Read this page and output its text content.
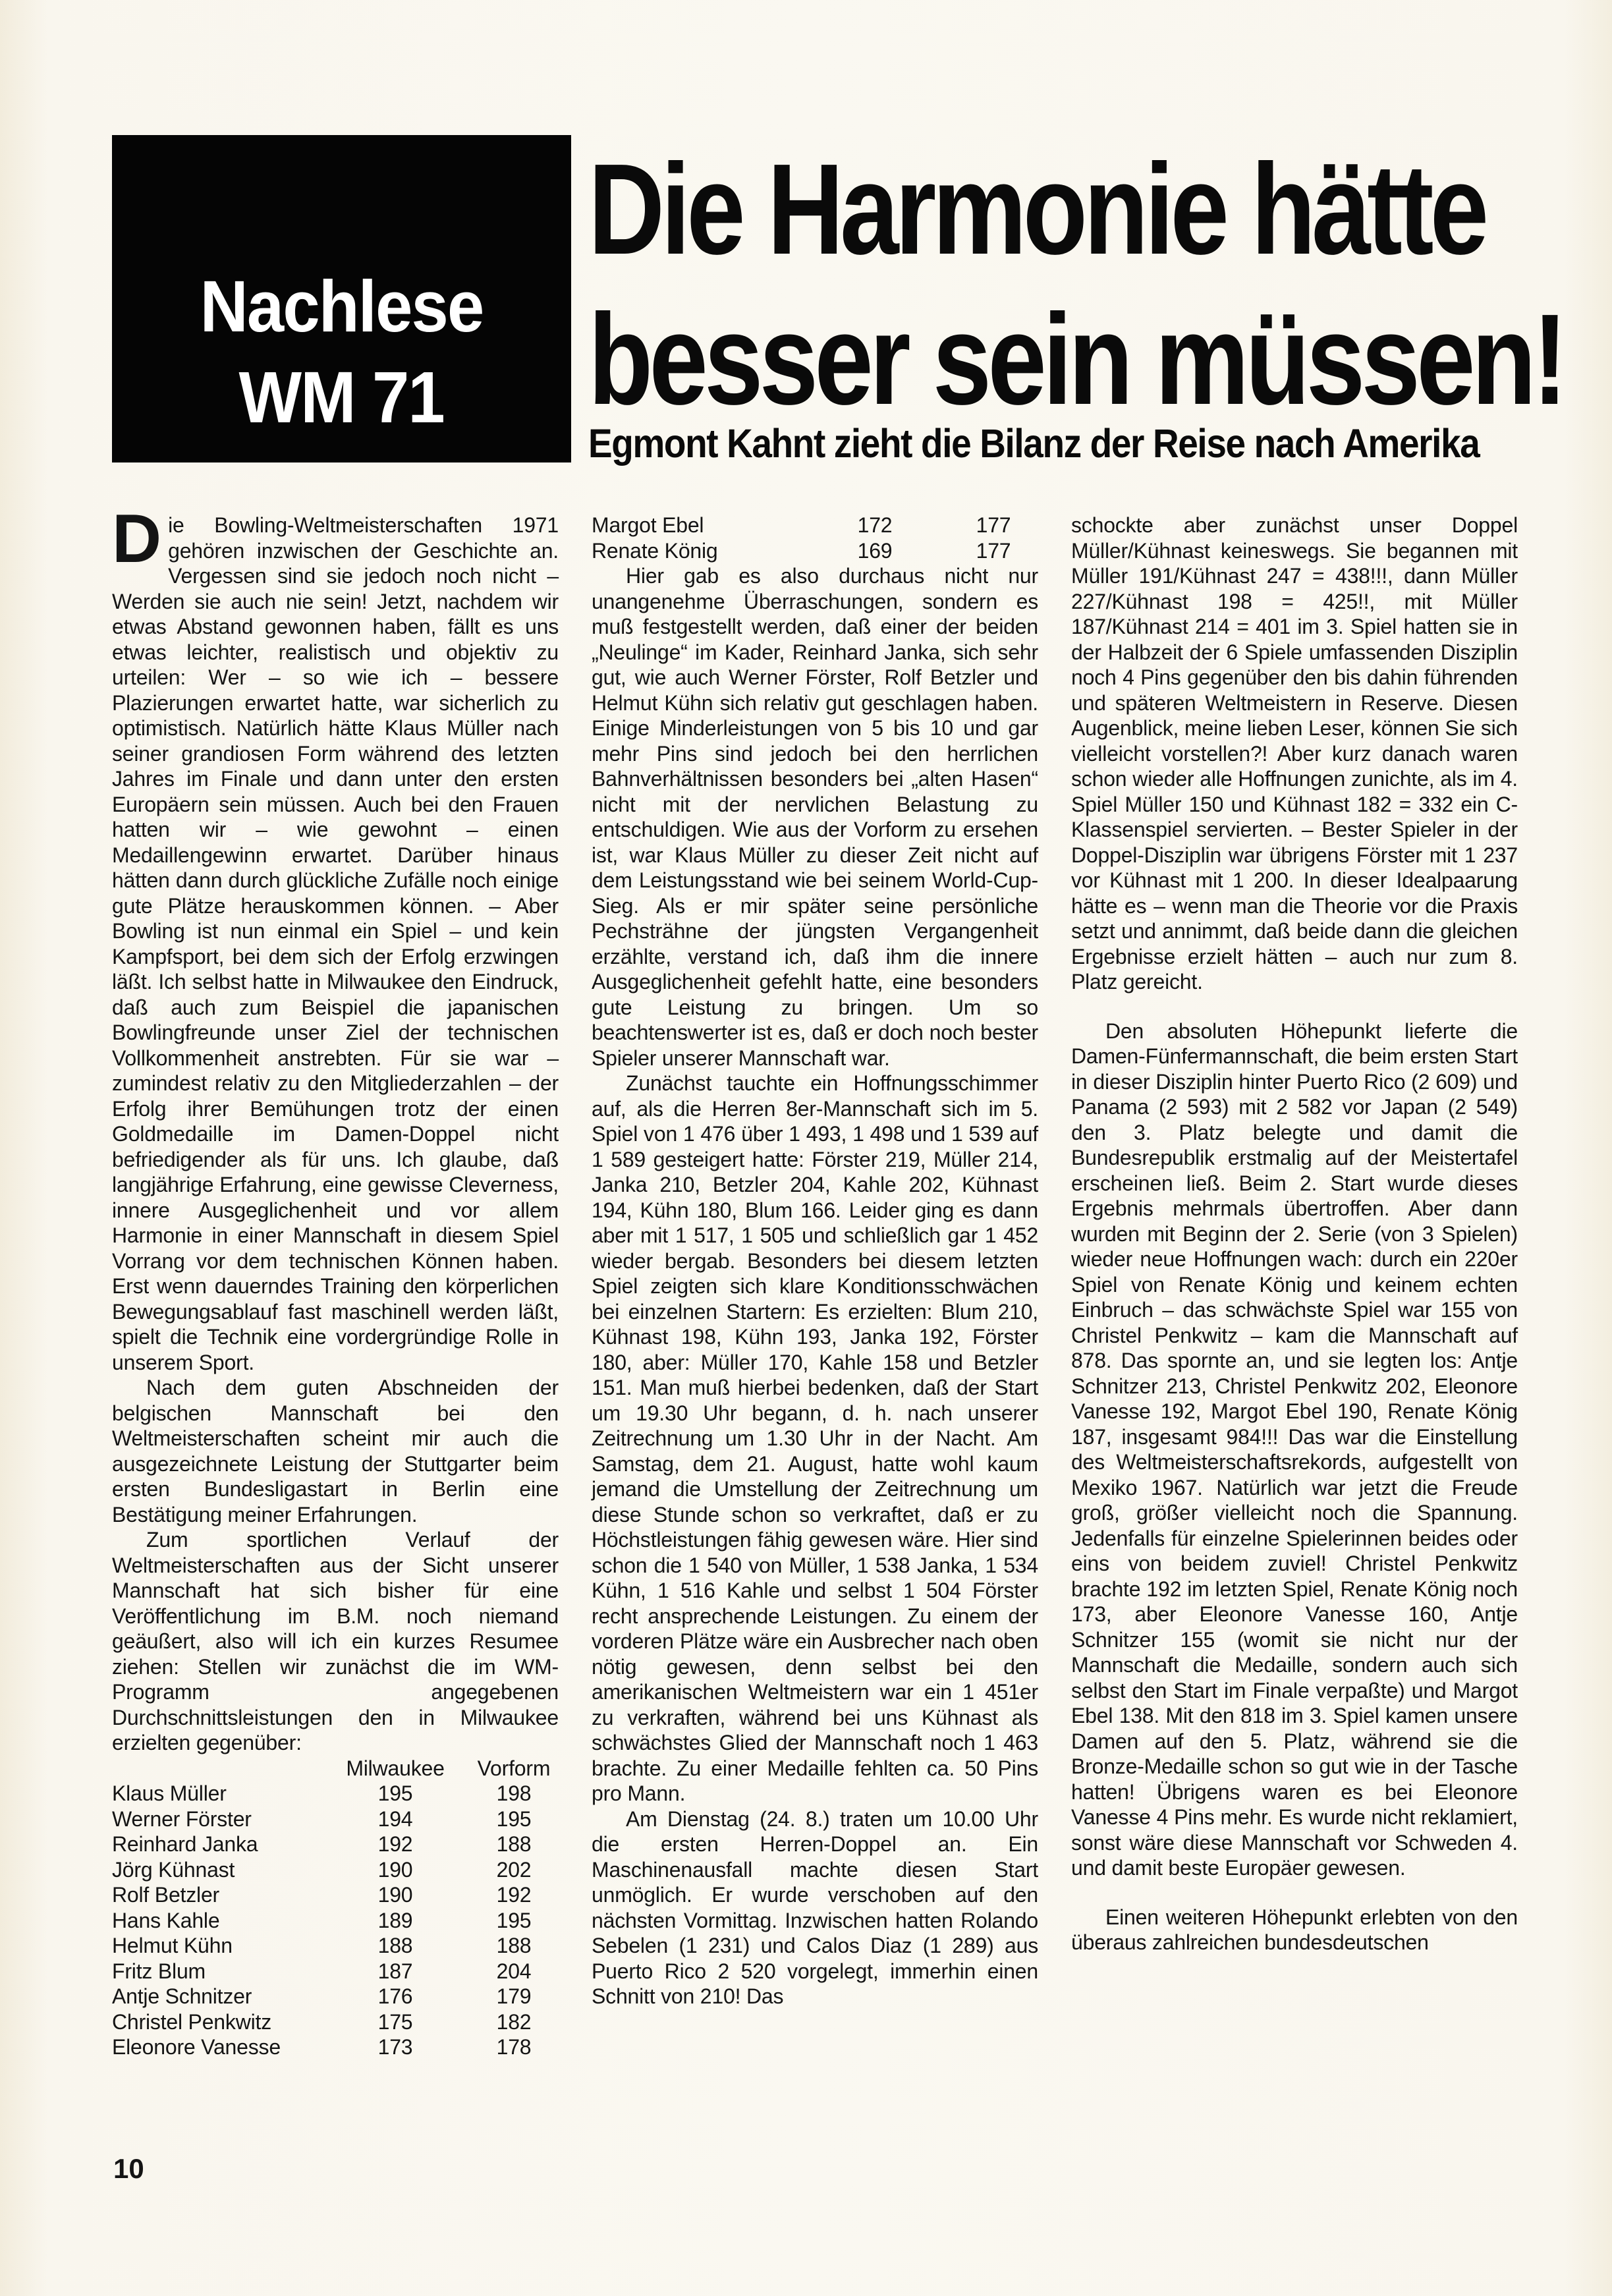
Nachlese
WM 71
Die Harmonie hätte
besser sein müssen!
Egmont Kahnt zieht die Bilanz der Reise nach Amerika

Die Bowling-Weltmeisterschaften 1971 gehören inzwischen der Geschichte an. Vergessen sind sie jedoch noch nicht – Werden sie auch nie sein! Jetzt, nachdem wir etwas Abstand gewonnen haben, fällt es uns etwas leichter, realistisch und objektiv zu urteilen: Wer – so wie ich – bessere Plazierungen erwartet hatte, war sicherlich zu optimistisch. Natürlich hätte Klaus Müller nach seiner grandiosen Form während des letzten Jahres im Finale und dann unter den ersten Europäern sein müssen. Auch bei den Frauen hatten wir – wie gewohnt – einen Medaillengewinn erwartet. Darüber hinaus hätten dann durch glückliche Zufälle noch einige gute Plätze herauskommen können. – Aber Bowling ist nun einmal ein Spiel – und kein Kampfsport, bei dem sich der Erfolg erzwingen läßt. Ich selbst hatte in Milwaukee den Eindruck, daß auch zum Beispiel die japanischen Bowlingfreunde unser Ziel der technischen Vollkommenheit anstrebten. Für sie war – zumindest relativ zu den Mitgliederzahlen – der Erfolg ihrer Bemühungen trotz der einen Goldmedaille im Damen-Doppel nicht befriedigender als für uns. Ich glaube, daß langjährige Erfahrung, eine gewisse Cleverness, innere Ausgeglichenheit und vor allem Harmonie in einer Mannschaft in diesem Spiel Vorrang vor dem technischen Können haben. Erst wenn dauerndes Training den körperlichen Bewegungsablauf fast maschinell werden läßt, spielt die Technik eine vordergründige Rolle in unserem Sport.

Nach dem guten Abschneiden der belgischen Mannschaft bei den Weltmeisterschaften scheint mir auch die ausgezeichnete Leistung der Stuttgarter beim ersten Bundesligastart in Berlin eine Bestätigung meiner Erfahrungen.

Zum sportlichen Verlauf der Weltmeisterschaften aus der Sicht unserer Mannschaft hat sich bisher für eine Veröffentlichung im B.M. noch niemand geäußert, also will ich ein kurzes Resumee ziehen: Stellen wir zunächst die im WM-Programm angegebenen Durchschnittsleistungen den in Milwaukee erzielten gegenüber:

Milwaukee	Vorform
Klaus Müller	195	198
Werner Förster	194	195
Reinhard Janka	192	188
Jörg Kühnast	190	202
Rolf Betzler	190	192
Hans Kahle	189	195
Helmut Kühn	188	188
Fritz Blum	187	204
Antje Schnitzer	176	179
Christel Penkwitz	175	182
Eleonore Vanesse	173	178
Margot Ebel	172	177
Renate König	169	177

Hier gab es also durchaus nicht nur unangenehme Überraschungen, sondern es muß festgestellt werden, daß einer der beiden „Neulinge“ im Kader, Reinhard Janka, sich sehr gut, wie auch Werner Förster, Rolf Betzler und Helmut Kühn sich relativ gut geschlagen haben. Einige Minderleistungen von 5 bis 10 und gar mehr Pins sind jedoch bei den herrlichen Bahnverhältnissen besonders bei „alten Hasen“ nicht mit der nervlichen Belastung zu entschuldigen. Wie aus der Vorform zu ersehen ist, war Klaus Müller zu dieser Zeit nicht auf dem Leistungsstand wie bei seinem World-Cup-Sieg. Als er mir später seine persönliche Pechsträhne der jüngsten Vergangenheit erzählte, verstand ich, daß ihm die innere Ausgeglichenheit gefehlt hatte, eine besonders gute Leistung zu bringen. Um so beachtenswerter ist es, daß er doch noch bester Spieler unserer Mannschaft war.

Zunächst tauchte ein Hoffnungsschimmer auf, als die Herren 8er-Mannschaft sich im 5. Spiel von 1 476 über 1 493, 1 498 und 1 539 auf 1 589 gesteigert hatte: Förster 219, Müller 214, Janka 210, Betzler 204, Kahle 202, Kühnast 194, Kühn 180, Blum 166. Leider ging es dann aber mit 1 517, 1 505 und schließlich gar 1 452 wieder bergab. Besonders bei diesem letzten Spiel zeigten sich klare Konditionsschwächen bei einzelnen Startern: Es erzielten: Blum 210, Kühnast 198, Kühn 193, Janka 192, Förster 180, aber: Müller 170, Kahle 158 und Betzler 151. Man muß hierbei bedenken, daß der Start um 19.30 Uhr begann, d. h. nach unserer Zeitrechnung um 1.30 Uhr in der Nacht. Am Samstag, dem 21. August, hatte wohl kaum jemand die Umstellung der Zeitrechnung um diese Stunde schon so verkraftet, daß er zu Höchstleistungen fähig gewesen wäre. Hier sind schon die 1 540 von Müller, 1 538 Janka, 1 534 Kühn, 1 516 Kahle und selbst 1 504 Förster recht ansprechende Leistungen. Zu einem der vorderen Plätze wäre ein Ausbrecher nach oben nötig gewesen, denn selbst bei den amerikanischen Weltmeistern war ein 1 451er zu verkraften, während bei uns Kühnast als schwächstes Glied der Mannschaft noch 1 463 brachte. Zu einer Medaille fehlten ca. 50 Pins pro Mann.

Am Dienstag (24. 8.) traten um 10.00 Uhr die ersten Herren-Doppel an. Ein Maschinenausfall machte diesen Start unmöglich. Er wurde verschoben auf den nächsten Vormittag. Inzwischen hatten Rolando Sebelen (1 231) und Calos Diaz (1 289) aus Puerto Rico 2 520 vorgelegt, immerhin einen Schnitt von 210! Das

schockte aber zunächst unser Doppel Müller/Kühnast keineswegs. Sie begannen mit Müller 191/Kühnast 247 = 438!!!, dann Müller 227/Kühnast 198 = 425!!, mit Müller 187/Kühnast 214 = 401 im 3. Spiel hatten sie in der Halbzeit der 6 Spiele umfassenden Disziplin noch 4 Pins gegenüber den bis dahin führenden und späteren Weltmeistern in Reserve. Diesen Augenblick, meine lieben Leser, können Sie sich vielleicht vorstellen?! Aber kurz danach waren schon wieder alle Hoffnungen zunichte, als im 4. Spiel Müller 150 und Kühnast 182 = 332 ein C-Klassenspiel servierten. – Bester Spieler in der Doppel-Disziplin war übrigens Förster mit 1 237 vor Kühnast mit 1 200. In dieser Idealpaarung hätte es – wenn man die Theorie vor die Praxis setzt und annimmt, daß beide dann die gleichen Ergebnisse erzielt hätten – auch nur zum 8. Platz gereicht.

Den absoluten Höhepunkt lieferte die Damen-Fünfermannschaft, die beim ersten Start in dieser Disziplin hinter Puerto Rico (2 609) und Panama (2 593) mit 2 582 vor Japan (2 549) den 3. Platz belegte und damit die Bundesrepublik erstmalig auf der Meistertafel erscheinen ließ. Beim 2. Start wurde dieses Ergebnis mehrmals übertroffen. Aber dann wurden mit Beginn der 2. Serie (von 3 Spielen) wieder neue Hoffnungen wach: durch ein 220er Spiel von Renate König und keinem echten Einbruch – das schwächste Spiel war 155 von Christel Penkwitz – kam die Mannschaft auf 878. Das spornte an, und sie legten los: Antje Schnitzer 213, Christel Penkwitz 202, Eleonore Vanesse 192, Margot Ebel 190, Renate König 187, insgesamt 984!!! Das war die Einstellung des Weltmeisterschaftsrekords, aufgestellt von Mexiko 1967. Natürlich war jetzt die Freude groß, größer vielleicht noch die Spannung. Jedenfalls für einzelne Spielerinnen beides oder eins von beidem zuviel! Christel Penkwitz brachte 192 im letzten Spiel, Renate König noch 173, aber Eleonore Vanesse 160, Antje Schnitzer 155 (womit sie nicht nur der Mannschaft die Medaille, sondern auch sich selbst den Start im Finale verpaßte) und Margot Ebel 138. Mit den 818 im 3. Spiel kamen unsere Damen auf den 5. Platz, während sie die Bronze-Medaille schon so gut wie in der Tasche hatten! Übrigens waren es bei Eleonore Vanesse 4 Pins mehr. Es wurde nicht reklamiert, sonst wäre diese Mannschaft vor Schweden 4. und damit beste Europäer gewesen.

Einen weiteren Höhepunkt erlebten von den überaus zahlreichen bundesdeutschen

10
